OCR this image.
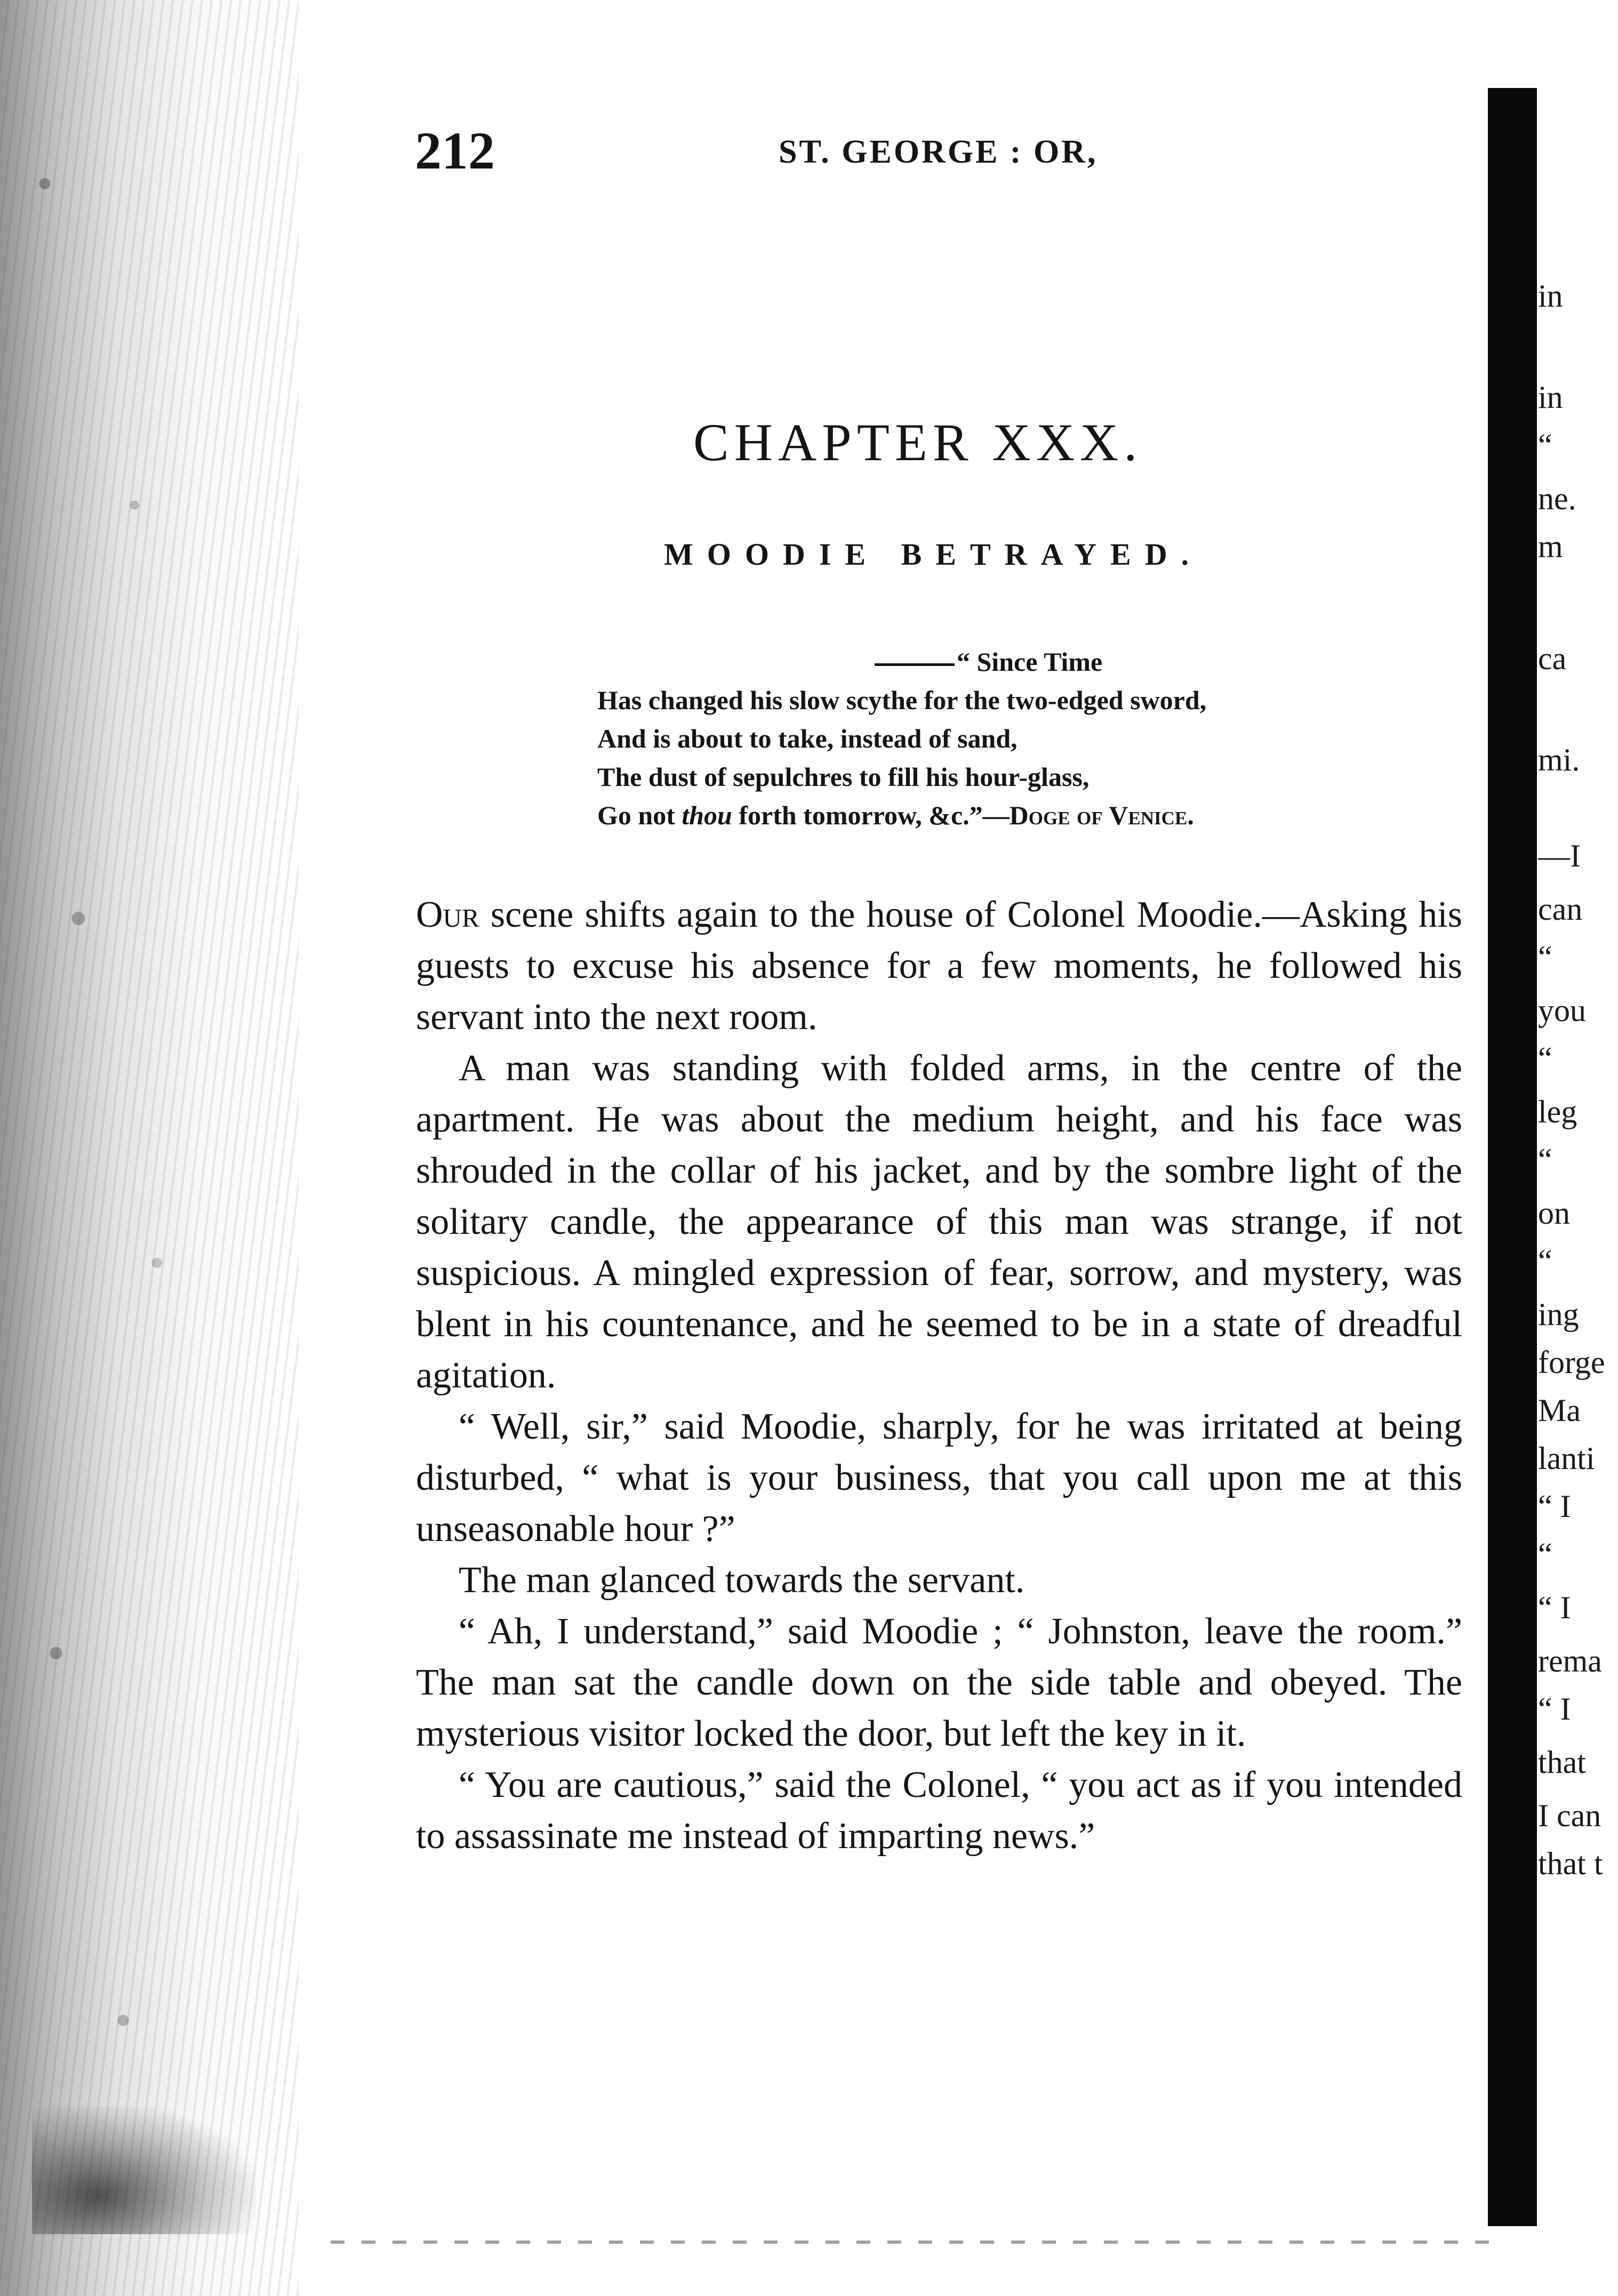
212	ST. GEORGE : OR,
CHAPTER XXX.
MOODIE BETRAYED.
“ Since Time
Has changed his slow scythe for the two-edged sword,
And is about to take, instead of sand,
The dust of sepulchres to fill his hour-glass,
Go not thou forth tomorrow, &c.”—Doge of Venice.

Our scene shifts again to the house of Colonel Moodie.—Asking his guests to excuse his absence for a few moments, he followed his servant into the next room.

A man was standing with folded arms, in the centre of the apartment. He was about the medium height, and his face was shrouded in the collar of his jacket, and by the sombre light of the solitary candle, the appearance of this man was strange, if not suspicious. A mingled expression of fear, sorrow, and mystery, was blent in his countenance, and he seemed to be in a state of dreadful agitation.

“ Well, sir,” said Moodie, sharply, for he was irritated at being disturbed, “ what is your business, that you call upon me at this unseasonable hour ?”

The man glanced towards the servant.

“ Ah, I understand,” said Moodie ; “ Johnston, leave the room.” The man sat the candle down on the side table and obeyed. The mysterious visitor locked the door, but left the key in it.

“ You are cautious,” said the Colonel, “ you act as if you intended to assassinate me instead of imparting news.”

in
in
“
ne.
m
ca
mi.
—I
can
“
you
“
leg
“
on
“
ing
forge
Ma
lanti
“ I
“
“ I
rema
“ I
that
I can
that t
